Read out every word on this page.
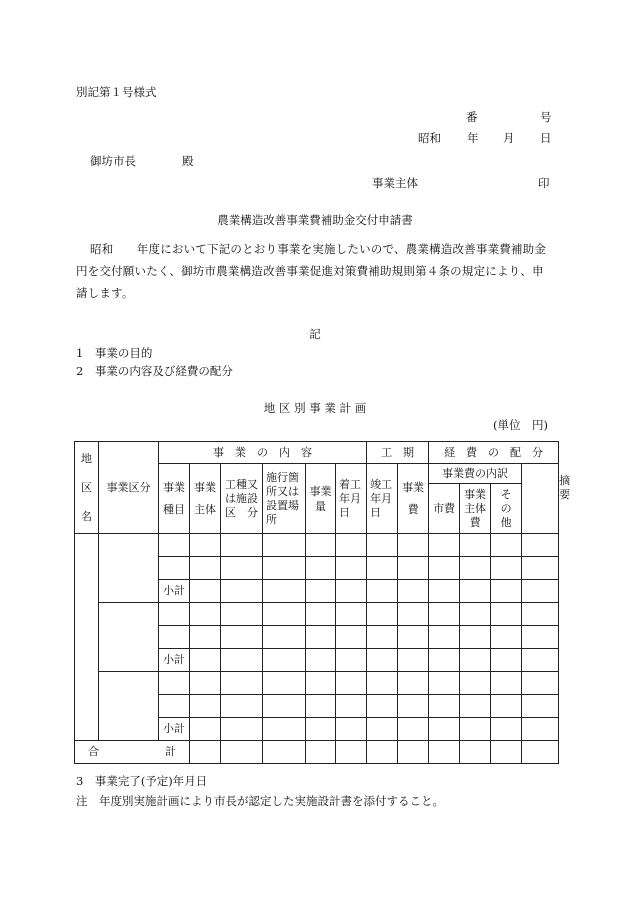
別記第１号様式
番	号
昭和 年 月 日
御坊市長	殿
事業主体	印
農業構造改善事業費補助金交付申請書
昭和　　年度において下記のとおり事業を実施したいので、農業構造改善事業費補助金
円を交付願いたく、御坊市農業構造改善事業促進対策費補助規則第４条の規定により、申
請します。
記
1　事業の目的
2　事業の内容及び経費の配分
地 区 別 事 業 計 画
(単位　円)
地
区
名	事業区分	事　業　の　内　容						工　期		経　費　の　配　分				摘要
		事業種目	事業主体	工種又は施設区　分	施行箇所又は設置場所	事業量	着工年月日	竣工年月日	事業費	事業費の内訳				
										市費	事業主体費	その他		

		小計												

		小計												

		小計												
合　　　　　　計														
3　事業完了(予定)年月日
注　年度別実施計画により市長が認定した実施設計書を添付すること。
